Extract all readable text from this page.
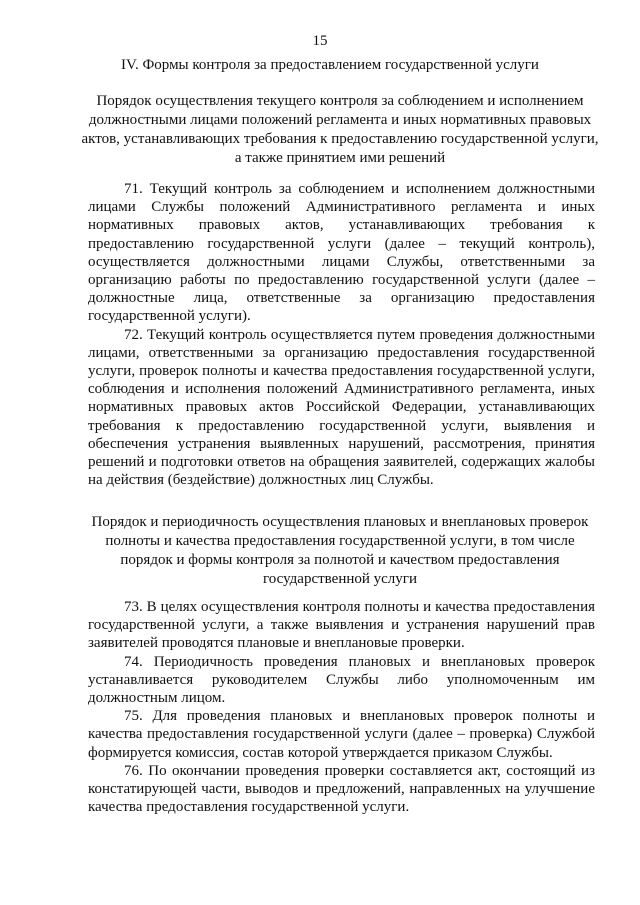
15
IV. Формы контроля за предоставлением государственной услуги
Порядок осуществления текущего контроля за соблюдением и исполнением должностными лицами положений регламента и иных нормативных правовых актов, устанавливающих требования к предоставлению государственной услуги, а также принятием ими решений

71. Текущий контроль за соблюдением и исполнением должностными лицами Службы положений Административного регламента и иных нормативных правовых актов, устанавливающих требования к предоставлению государственной услуги (далее – текущий контроль), осуществляется должностными лицами Службы, ответственными за организацию работы по предоставлению государственной услуги (далее – должностные лица, ответственные за организацию предоставления государственной услуги).

72. Текущий контроль осуществляется путем проведения должностными лицами, ответственными за организацию предоставления государственной услуги, проверок полноты и качества предоставления государственной услуги, соблюдения и исполнения положений Административного регламента, иных нормативных правовых актов Российской Федерации, устанавливающих требования к предоставлению государственной услуги, выявления и обеспечения устранения выявленных нарушений, рассмотрения, принятия решений и подготовки ответов на обращения заявителей, содержащих жалобы на действия (бездействие) должностных лиц Службы.

Порядок и периодичность осуществления плановых и внеплановых проверок полноты и качества предоставления государственной услуги, в том числе порядок и формы контроля за полнотой и качеством предоставления государственной услуги

73. В целях осуществления контроля полноты и качества предоставления государственной услуги, а также выявления и устранения нарушений прав заявителей проводятся плановые и внеплановые проверки.

74. Периодичность проведения плановых и внеплановых проверок устанавливается руководителем Службы либо уполномоченным им должностным лицом.

75. Для проведения плановых и внеплановых проверок полноты и качества предоставления государственной услуги (далее – проверка) Службой формируется комиссия, состав которой утверждается приказом Службы.

76. По окончании проведения проверки составляется акт, состоящий из констатирующей части, выводов и предложений, направленных на улучшение качества предоставления государственной услуги.
